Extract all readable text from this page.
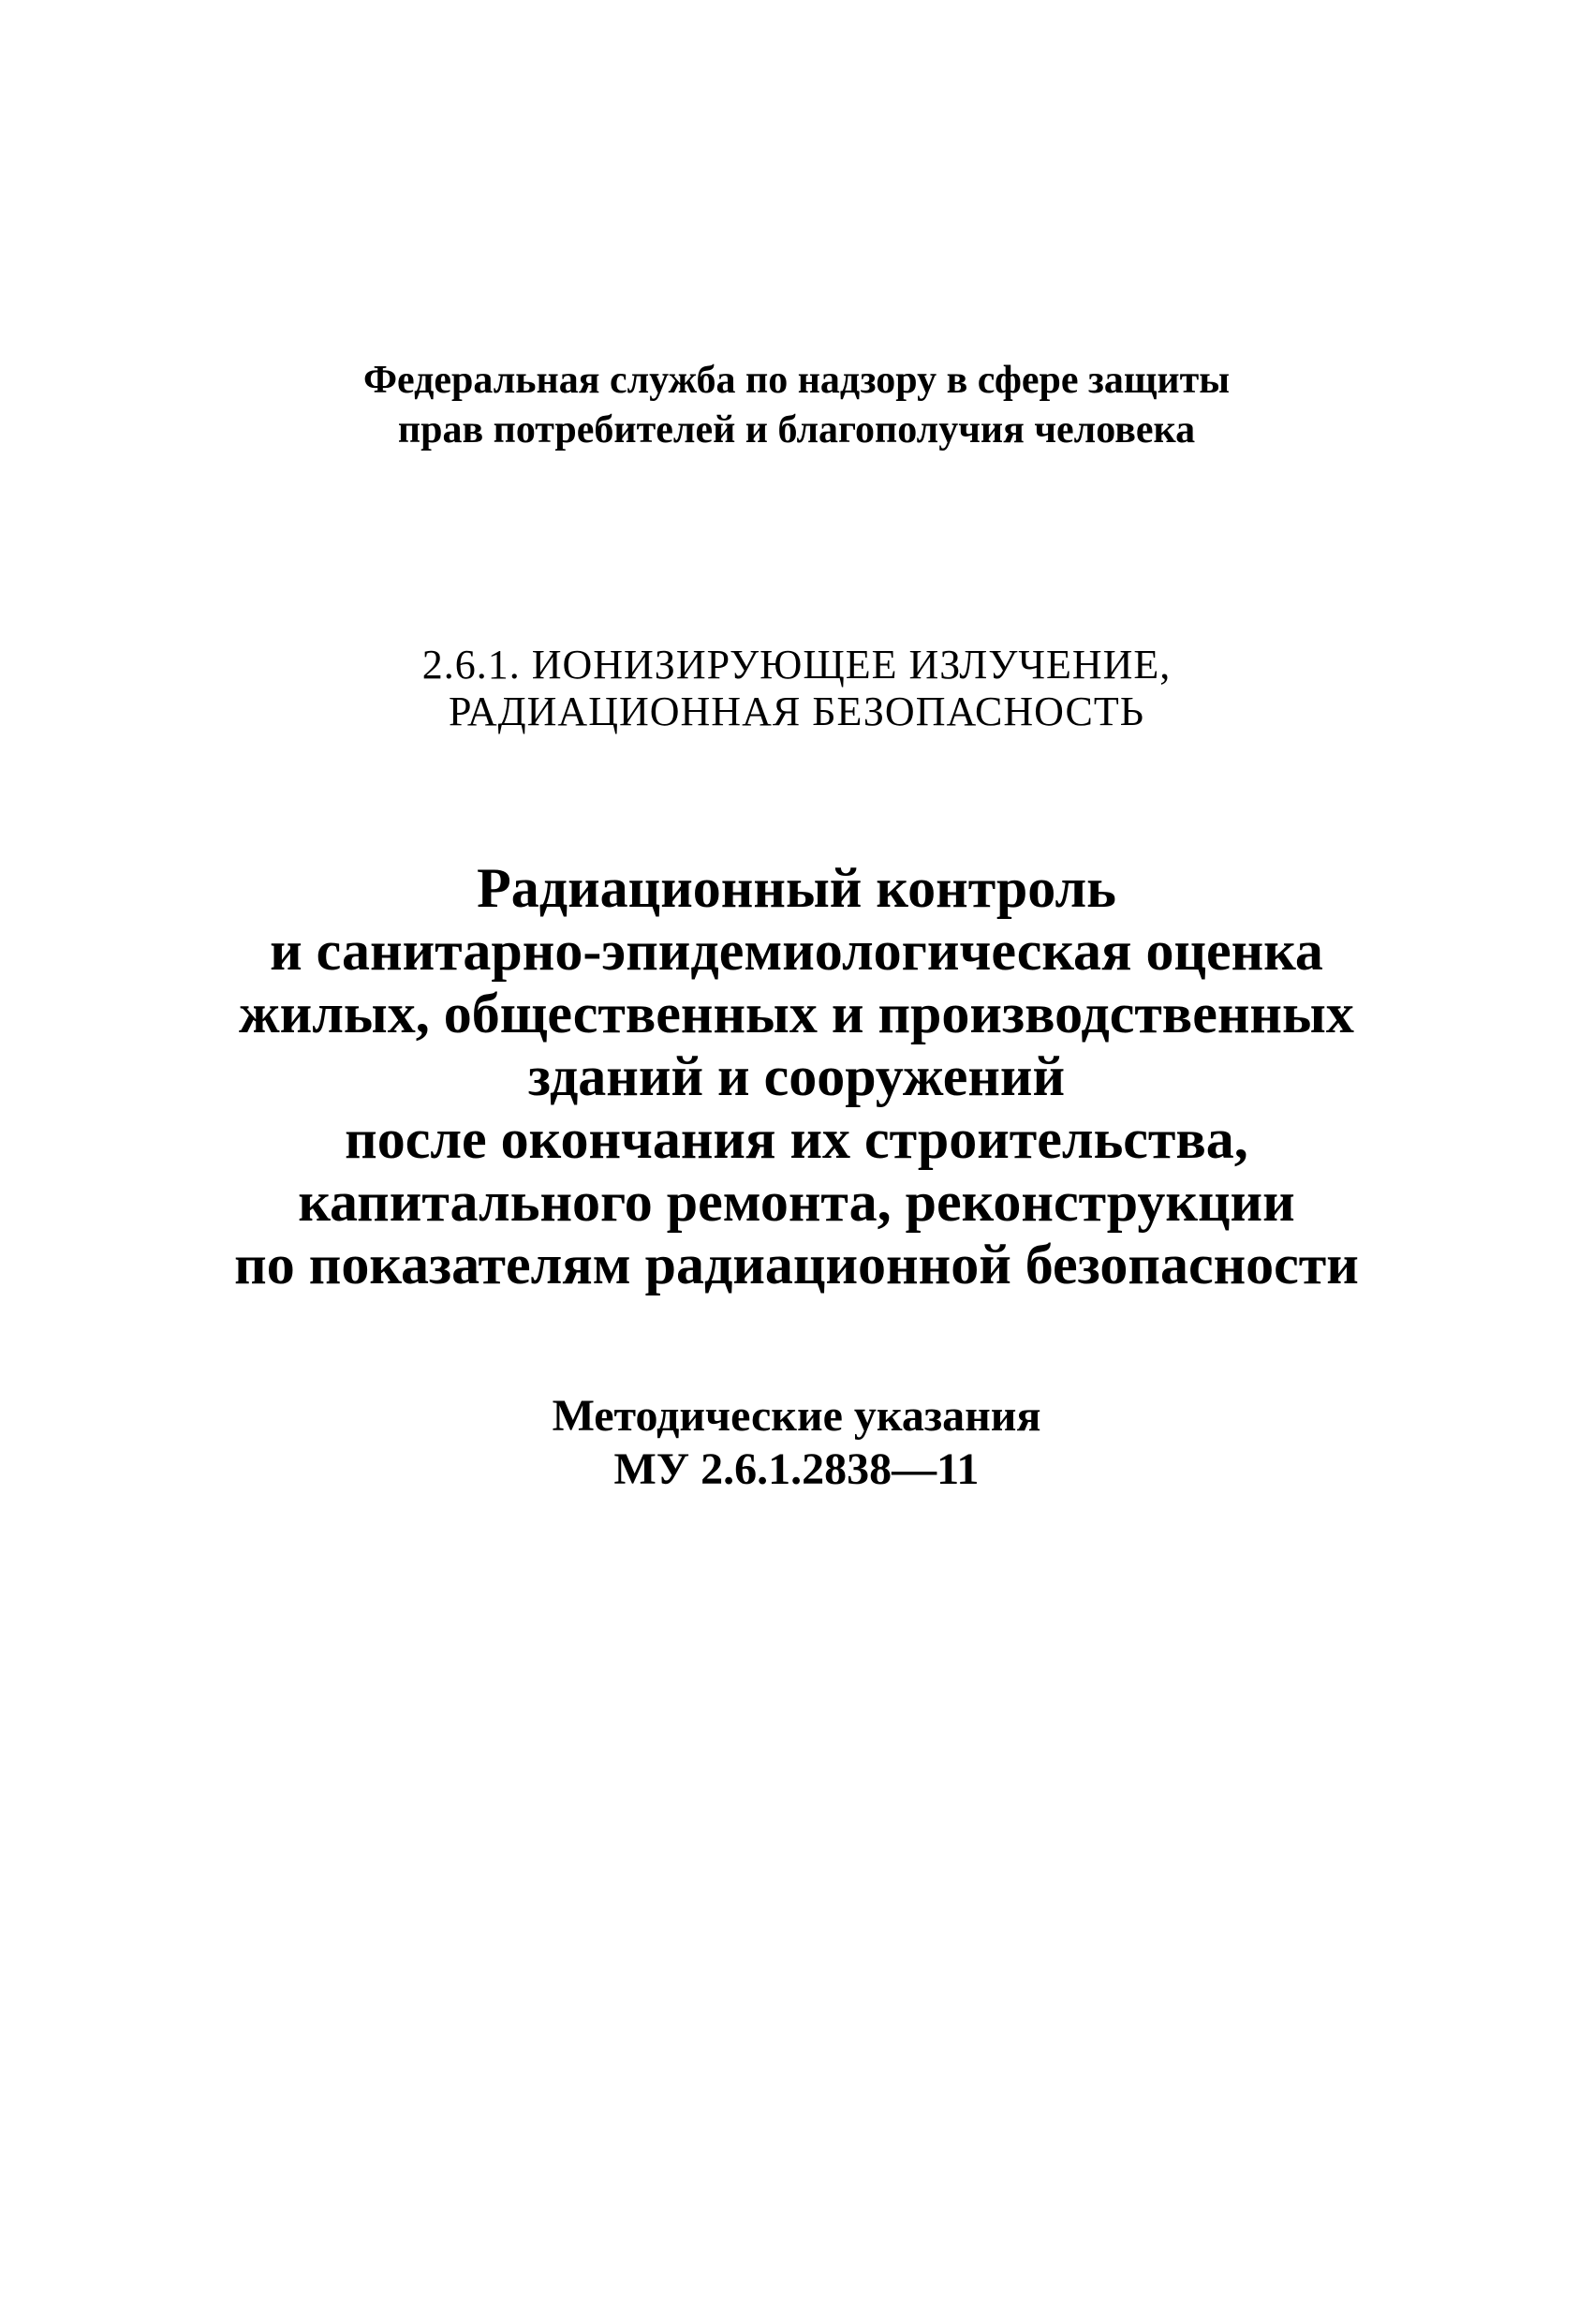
Федеральная служба по надзору в сфере защиты
прав потребителей и благополучия человека
2.6.1. ИОНИЗИРУЮЩЕЕ ИЗЛУЧЕНИЕ,
РАДИАЦИОННАЯ БЕЗОПАСНОСТЬ
Радиационный контроль
и санитарно-эпидемиологическая оценка
жилых, общественных и производственных
зданий и сооружений
после окончания их строительства,
капитального ремонта, реконструкции
по показателям радиационной безопасности
Методические указания
МУ 2.6.1.2838—11
